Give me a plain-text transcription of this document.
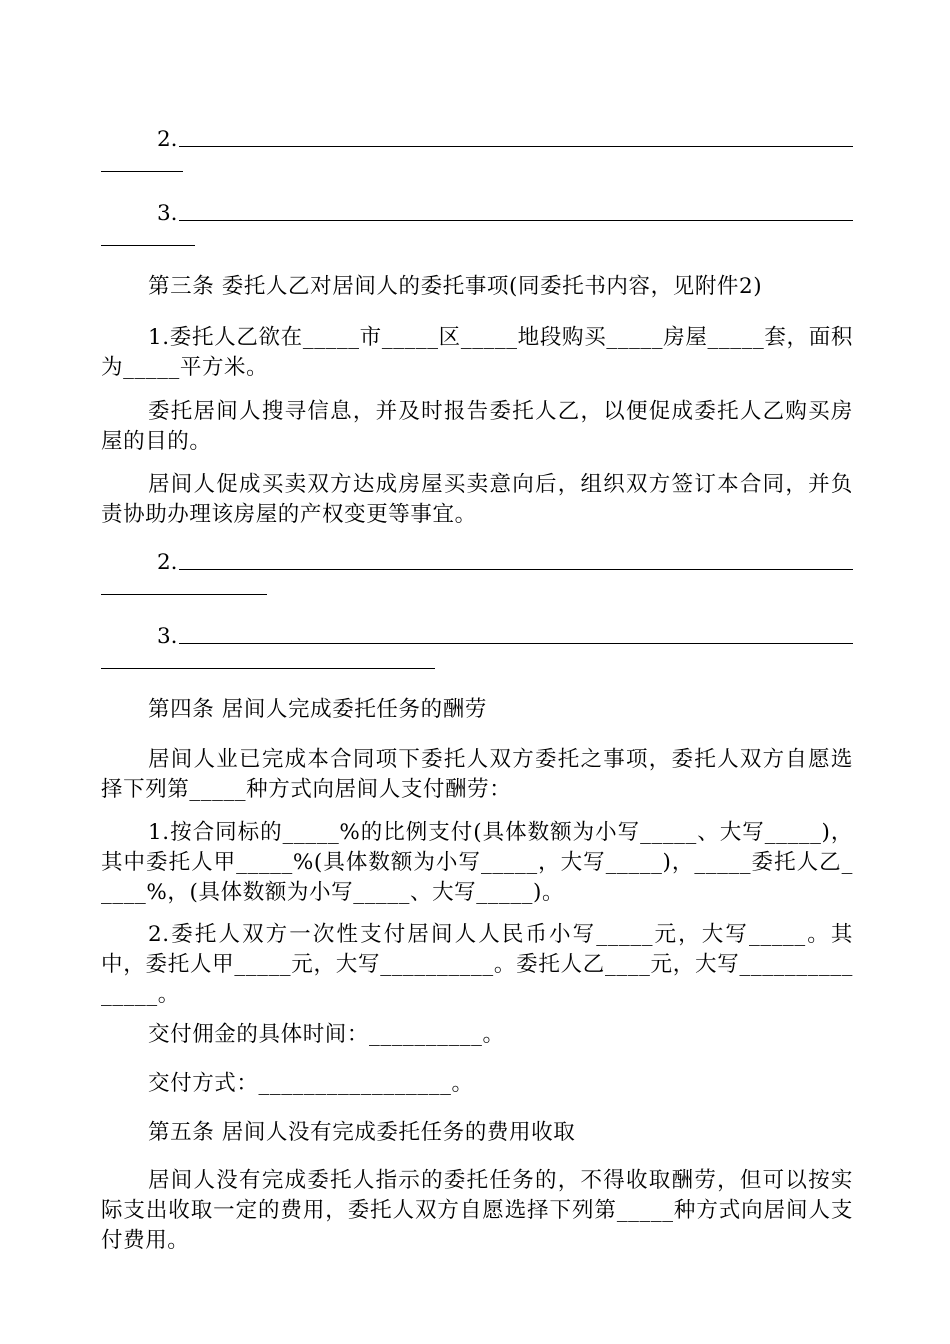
2.
3.

第三条 委托人乙对居间人的委托事项(同委托书内容，见附件2)

1.委托人乙欲在_____市_____区_____地段购买_____房屋_____套，面积为_____平方米。

委托居间人搜寻信息，并及时报告委托人乙，以便促成委托人乙购买房屋的目的。

居间人促成买卖双方达成房屋买卖意向后，组织双方签订本合同，并负责协助办理该房屋的产权变更等事宜。

2.
3.

第四条 居间人完成委托任务的酬劳

居间人业已完成本合同项下委托人双方委托之事项，委托人双方自愿选择下列第_____种方式向居间人支付酬劳：

1.按合同标的_____%的比例支付(具体数额为小写_____、大写_____)，其中委托人甲_____%(具体数额为小写_____，大写_____)，_____委托人乙_____%，(具体数额为小写_____、大写_____)。

2.委托人双方一次性支付居间人人民币小写_____元，大写_____。其中，委托人甲_____元，大写__________。委托人乙____元，大写_______________。

交付佣金的具体时间：__________。

交付方式：_________________。

第五条 居间人没有完成委托任务的费用收取

居间人没有完成委托人指示的委托任务的，不得收取酬劳，但可以按实际支出收取一定的费用，委托人双方自愿选择下列第_____种方式向居间人支付费用。
